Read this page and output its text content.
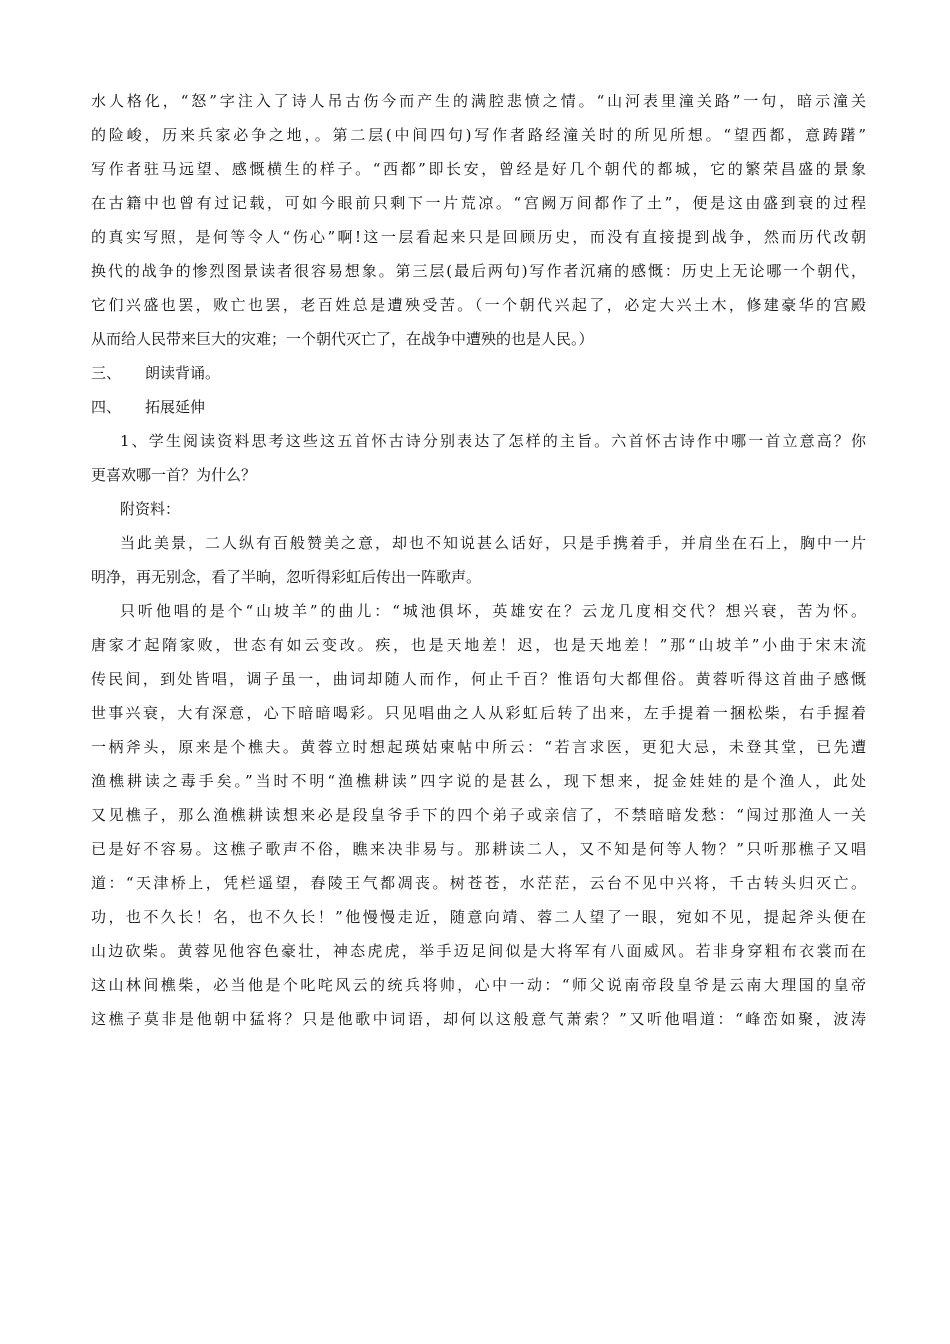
水人格化，“怒”字注入了诗人吊古伤今而产生的满腔悲愤之情。“山河表里潼关路”一句，暗示潼关
的险峻，历来兵家必争之地，。第二层(中间四句)写作者路经潼关时的所见所想。“望西都，意踌躇”
写作者驻马远望、感慨横生的样子。“西都”即长安，曾经是好几个朝代的都城，它的繁荣昌盛的景象
在古籍中也曾有过记载，可如今眼前只剩下一片荒凉。“宫阙万间都作了土”，便是这由盛到衰的过程
的真实写照，是何等令人“伤心”啊!这一层看起来只是回顾历史，而没有直接提到战争，然而历代改朝
换代的战争的惨烈图景读者很容易想象。第三层(最后两句)写作者沉痛的感慨：历史上无论哪一个朝代，
它们兴盛也罢，败亡也罢，老百姓总是遭殃受苦。（一个朝代兴起了，必定大兴土木，修建豪华的宫殿
从而给人民带来巨大的灾难；一个朝代灭亡了，在战争中遭殃的也是人民。）
三、 朗读背诵。
四、 拓展延伸
1、学生阅读资料思考这些这五首怀古诗分别表达了怎样的主旨。六首怀古诗作中哪一首立意高？你
更喜欢哪一首？为什么？
附资料：
当此美景，二人纵有百般赞美之意，却也不知说甚么话好，只是手携着手，并肩坐在石上，胸中一片
明净，再无别念，看了半晌，忽听得彩虹后传出一阵歌声。
只听他唱的是个“山坡羊”的曲儿：“城池俱坏，英雄安在？云龙几度相交代？想兴衰，苦为怀。
唐家才起隋家败，世态有如云变改。疾，也是天地差！迟，也是天地差！”那“山坡羊”小曲于宋末流
传民间，到处皆唱，调子虽一，曲词却随人而作，何止千百？惟语句大都俚俗。黄蓉听得这首曲子感慨
世事兴衰，大有深意，心下暗暗喝彩。只见唱曲之人从彩虹后转了出来，左手提着一捆松柴，右手握着
一柄斧头，原来是个樵夫。黄蓉立时想起瑛姑柬帖中所云：“若言求医，更犯大忌，未登其堂，已先遭
渔樵耕读之毒手矣。”当时不明“渔樵耕读”四字说的是甚么，现下想来，捉金娃娃的是个渔人，此处
又见樵子，那么渔樵耕读想来必是段皇爷手下的四个弟子或亲信了，不禁暗暗发愁：“闯过那渔人一关
已是好不容易。这樵子歌声不俗，瞧来决非易与。那耕读二人，又不知是何等人物？”只听那樵子又唱
道：“天津桥上，凭栏遥望，舂陵王气都凋丧。树苍苍，水茫茫，云台不见中兴将，千古转头归灭亡。
功，也不久长！名，也不久长！”他慢慢走近，随意向靖、蓉二人望了一眼，宛如不见，提起斧头便在
山边砍柴。黄蓉见他容色豪壮，神态虎虎，举手迈足间似是大将军有八面威风。若非身穿粗布衣裳而在
这山林间樵柴，必当他是个叱咤风云的统兵将帅，心中一动：“师父说南帝段皇爷是云南大理国的皇帝
这樵子莫非是他朝中猛将？只是他歌中词语，却何以这般意气萧索？”又听他唱道：“峰峦如聚，波涛
